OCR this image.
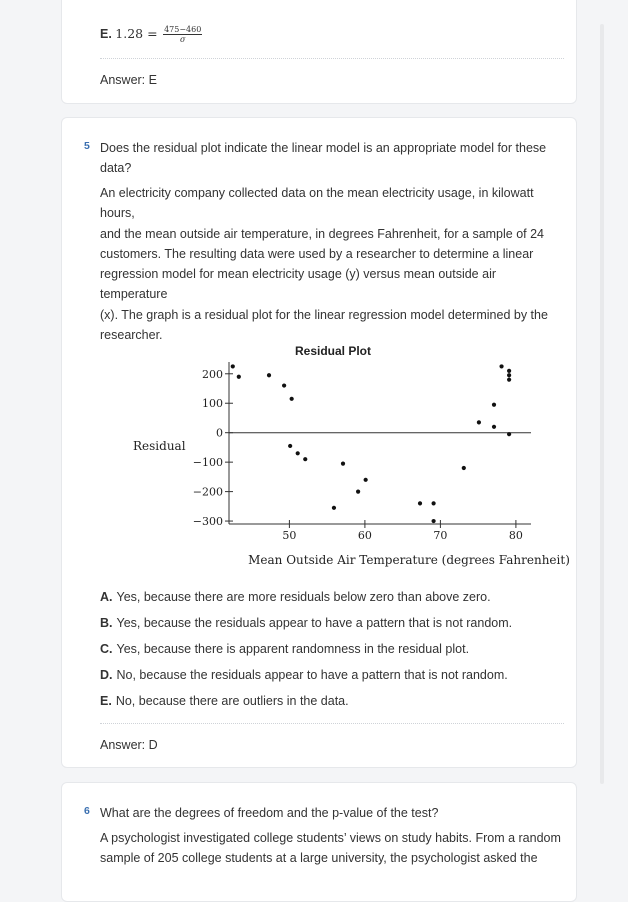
E. $1.28 = \frac{475-460}{\sigma}$
Answer: E
5 Does the residual plot indicate the linear model is an appropriate model for these
data?

An electricity company collected data on the mean electricity usage, in kilowatt hours,
and the mean outside air temperature, in degrees Fahrenheit, for a sample of 24
customers. The resulting data were used by a researcher to determine a linear
regression model for mean electricity usage (y) versus mean outside air temperature
(x). The graph is a residual plot for the linear regression model determined by the
researcher.

Residual Plot
Residual
Mean Outside Air Temperature (degrees Fahrenheit)
200
100
0
−100
−200
−300
50	60	70	80
A. Yes, because there are more residuals below zero than above zero.
B. Yes, because the residuals appear to have a pattern that is not random.
C. Yes, because there is apparent randomness in the residual plot.
D. No, because the residuals appear to have a pattern that is not random.
E. No, because there are outliers in the data.
Answer: D
6 What are the degrees of freedom and the p-value of the test?

A psychologist investigated college students’ views on study habits. From a random
sample of 205 college students at a large university, the psychologist asked the
